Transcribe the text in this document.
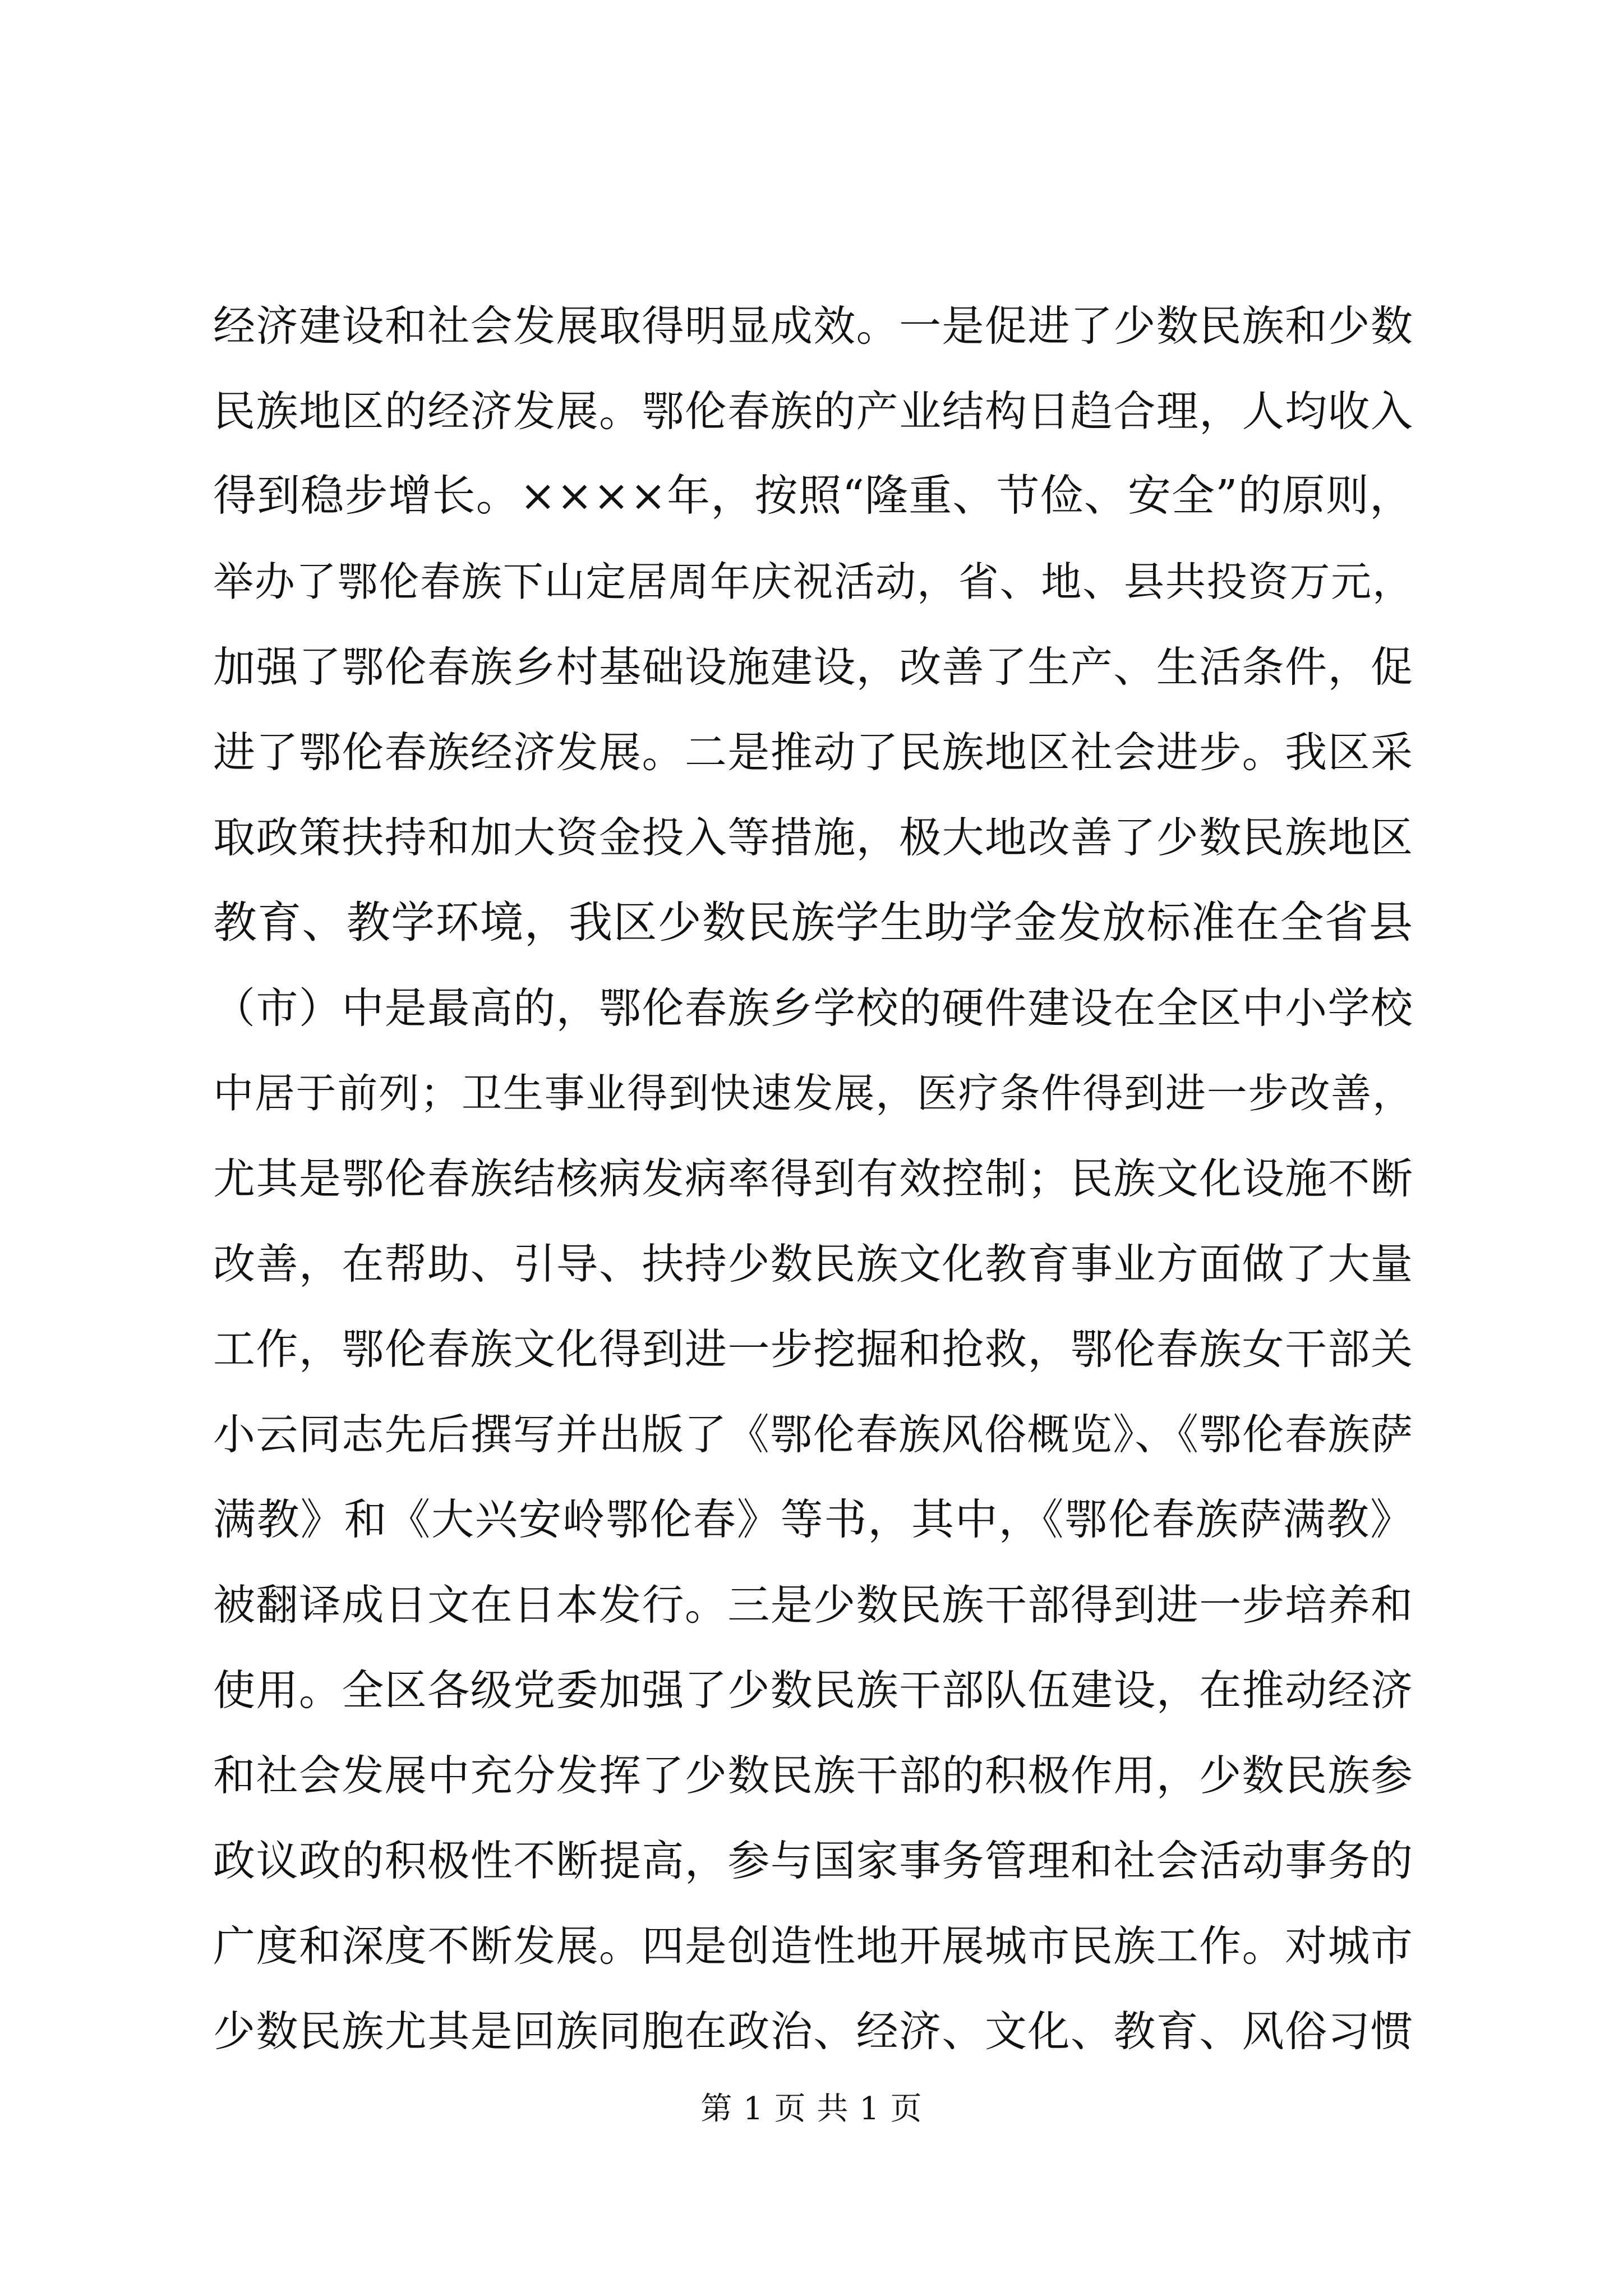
经济建设和社会发展取得明显成效。一是促进了少数民族和少数
民族地区的经济发展。鄂伦春族的产业结构日趋合理，人均收入
得到稳步增长。××××年，按照“隆重、节俭、安全”的原则，
举办了鄂伦春族下山定居周年庆祝活动，省、地、县共投资万元，
加强了鄂伦春族乡村基础设施建设，改善了生产、生活条件，促
进了鄂伦春族经济发展。二是推动了民族地区社会进步。我区采
取政策扶持和加大资金投入等措施，极大地改善了少数民族地区
教育、教学环境，我区少数民族学生助学金发放标准在全省县
（市）中是最高的，鄂伦春族乡学校的硬件建设在全区中小学校
中居于前列；卫生事业得到快速发展，医疗条件得到进一步改善，
尤其是鄂伦春族结核病发病率得到有效控制；民族文化设施不断
改善，在帮助、引导、扶持少数民族文化教育事业方面做了大量
工作，鄂伦春族文化得到进一步挖掘和抢救，鄂伦春族女干部关
小云同志先后撰写并出版了《鄂伦春族风俗概览》、《鄂伦春族萨
满教》和《大兴安岭鄂伦春》等书，其中，《鄂伦春族萨满教》
被翻译成日文在日本发行。三是少数民族干部得到进一步培养和
使用。全区各级党委加强了少数民族干部队伍建设，在推动经济
和社会发展中充分发挥了少数民族干部的积极作用，少数民族参
政议政的积极性不断提高，参与国家事务管理和社会活动事务的
广度和深度不断发展。四是创造性地开展城市民族工作。对城市
少数民族尤其是回族同胞在政治、经济、文化、教育、风俗习惯
第 1 页 共 1 页
